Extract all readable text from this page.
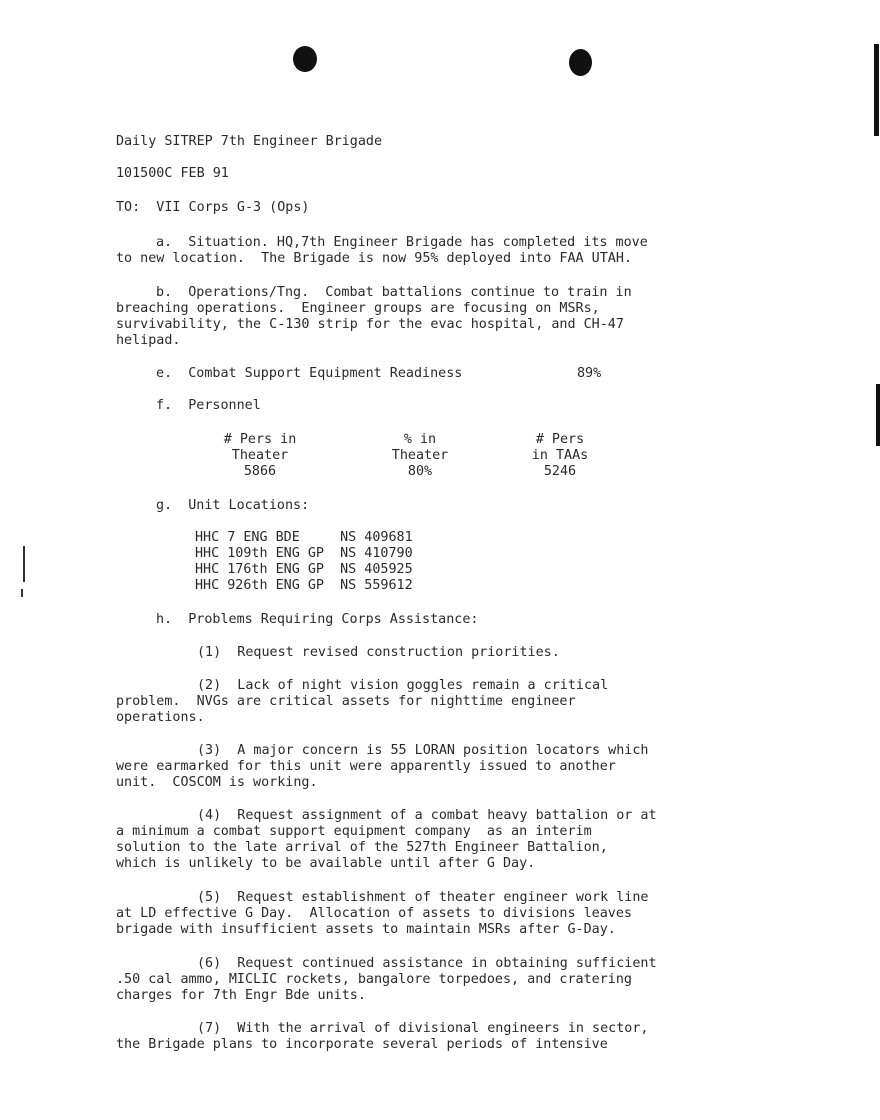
Daily SITREP 7th Engineer Brigade
101500C FEB 91
TO:  VII Corps G-3 (Ops)
a.  Situation. HQ,7th Engineer Brigade has completed its move
to new location.  The Brigade is now 95% deployed into FAA UTAH.
b.  Operations/Tng.  Combat battalions continue to train in
breaching operations.  Engineer groups are focusing on MSRs,
survivability, the C-130 strip for the evac hospital, and CH-47
helipad.
e.  Combat Support Equipment Readiness	89%
f.  Personnel
# Pers in
Theater
5866
% in
Theater
80%
# Pers
in TAAs
5246
g.  Unit Locations:
HHC 7 ENG BDE     NS 409681
HHC 109th ENG GP  NS 410790
HHC 176th ENG GP  NS 405925
HHC 926th ENG GP  NS 559612
h.  Problems Requiring Corps Assistance:
(1)  Request revised construction priorities.
(2)  Lack of night vision goggles remain a critical
problem.  NVGs are critical assets for nighttime engineer
operations.
(3)  A major concern is 55 LORAN position locators which
were earmarked for this unit were apparently issued to another
unit.  COSCOM is working.
(4)  Request assignment of a combat heavy battalion or at
a minimum a combat support equipment company  as an interim
solution to the late arrival of the 527th Engineer Battalion,
which is unlikely to be available until after G Day.
(5)  Request establishment of theater engineer work line
at LD effective G Day.  Allocation of assets to divisions leaves
brigade with insufficient assets to maintain MSRs after G-Day.
(6)  Request continued assistance in obtaining sufficient
.50 cal ammo, MICLIC rockets, bangalore torpedoes, and cratering
charges for 7th Engr Bde units.
(7)  With the arrival of divisional engineers in sector,
the Brigade plans to incorporate several periods of intensive
